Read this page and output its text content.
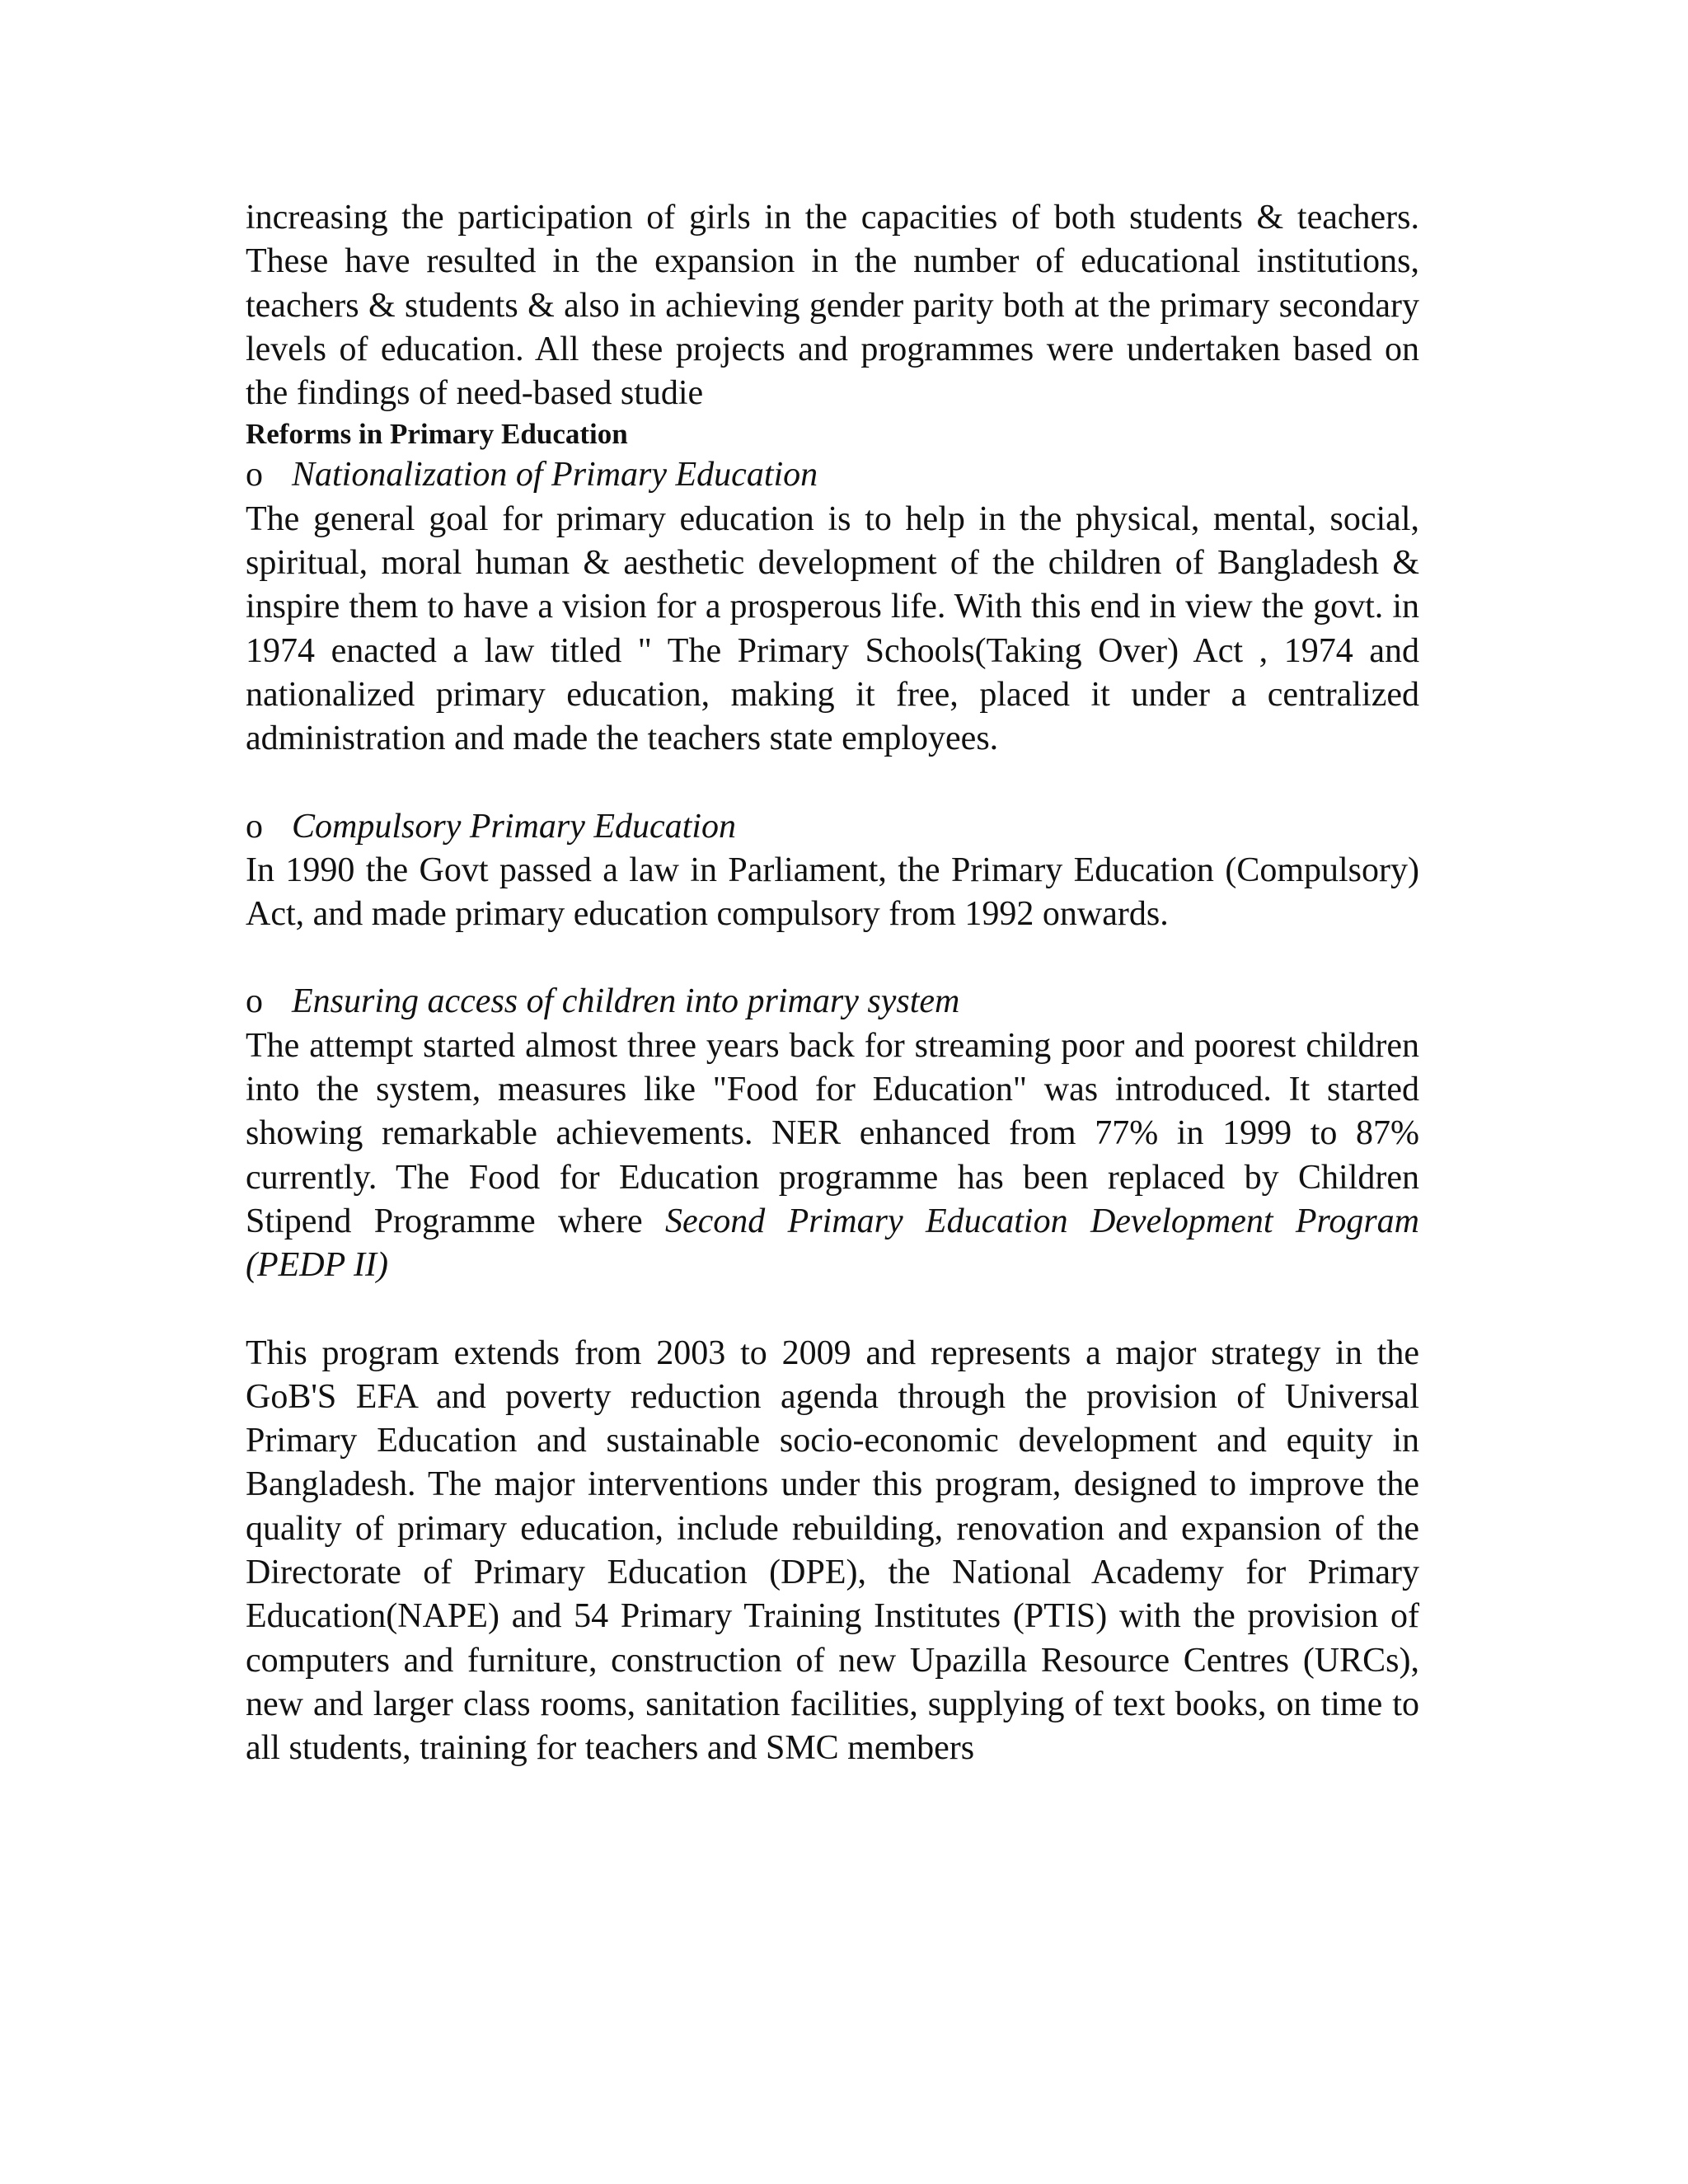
increasing the participation of girls in the capacities of both students & teachers. These have resulted in the expansion in the number of educational institutions, teachers & students & also in achieving gender parity both at the primary secondary levels of education. All these projects and programmes were undertaken based on the findings of need-based studie

Reforms in Primary Education

o Nationalization of Primary Education

The general goal for primary education is to help in the physical, mental, social, spiritual, moral human & aesthetic development of the children of Bangladesh & inspire them to have a vision for a prosperous life. With this end in view the govt. in 1974 enacted a law titled " The Primary Schools(Taking Over) Act , 1974 and nationalized primary education, making it free, placed it under a centralized administration and made the teachers state employees.

o Compulsory Primary Education

In 1990 the Govt passed a law in Parliament, the Primary Education (Compulsory) Act, and made primary education compulsory from 1992 onwards.

o Ensuring access of children into primary system

The attempt started almost three years back for streaming poor and poorest children into the system, measures like "Food for Education" was introduced. It started showing remarkable achievements. NER enhanced from 77% in 1999 to 87% currently. The Food for Education programme has been replaced by Children Stipend Programme where Second Primary Education Development Program (PEDP II)

This program extends from 2003 to 2009 and represents a major strategy in the GoB'S EFA and poverty reduction agenda through the provision of Universal Primary Education and sustainable socio-economic development and equity in Bangladesh. The major interventions under this program, designed to improve the quality of primary education, include rebuilding, renovation and expansion of the Directorate of Primary Education (DPE), the National Academy for Primary Education(NAPE) and 54 Primary Training Institutes (PTIS) with the provision of computers and furniture, construction of new Upazilla Resource Centres (URCs), new and larger class rooms, sanitation facilities, supplying of text books, on time to all students, training for teachers and SMC members
